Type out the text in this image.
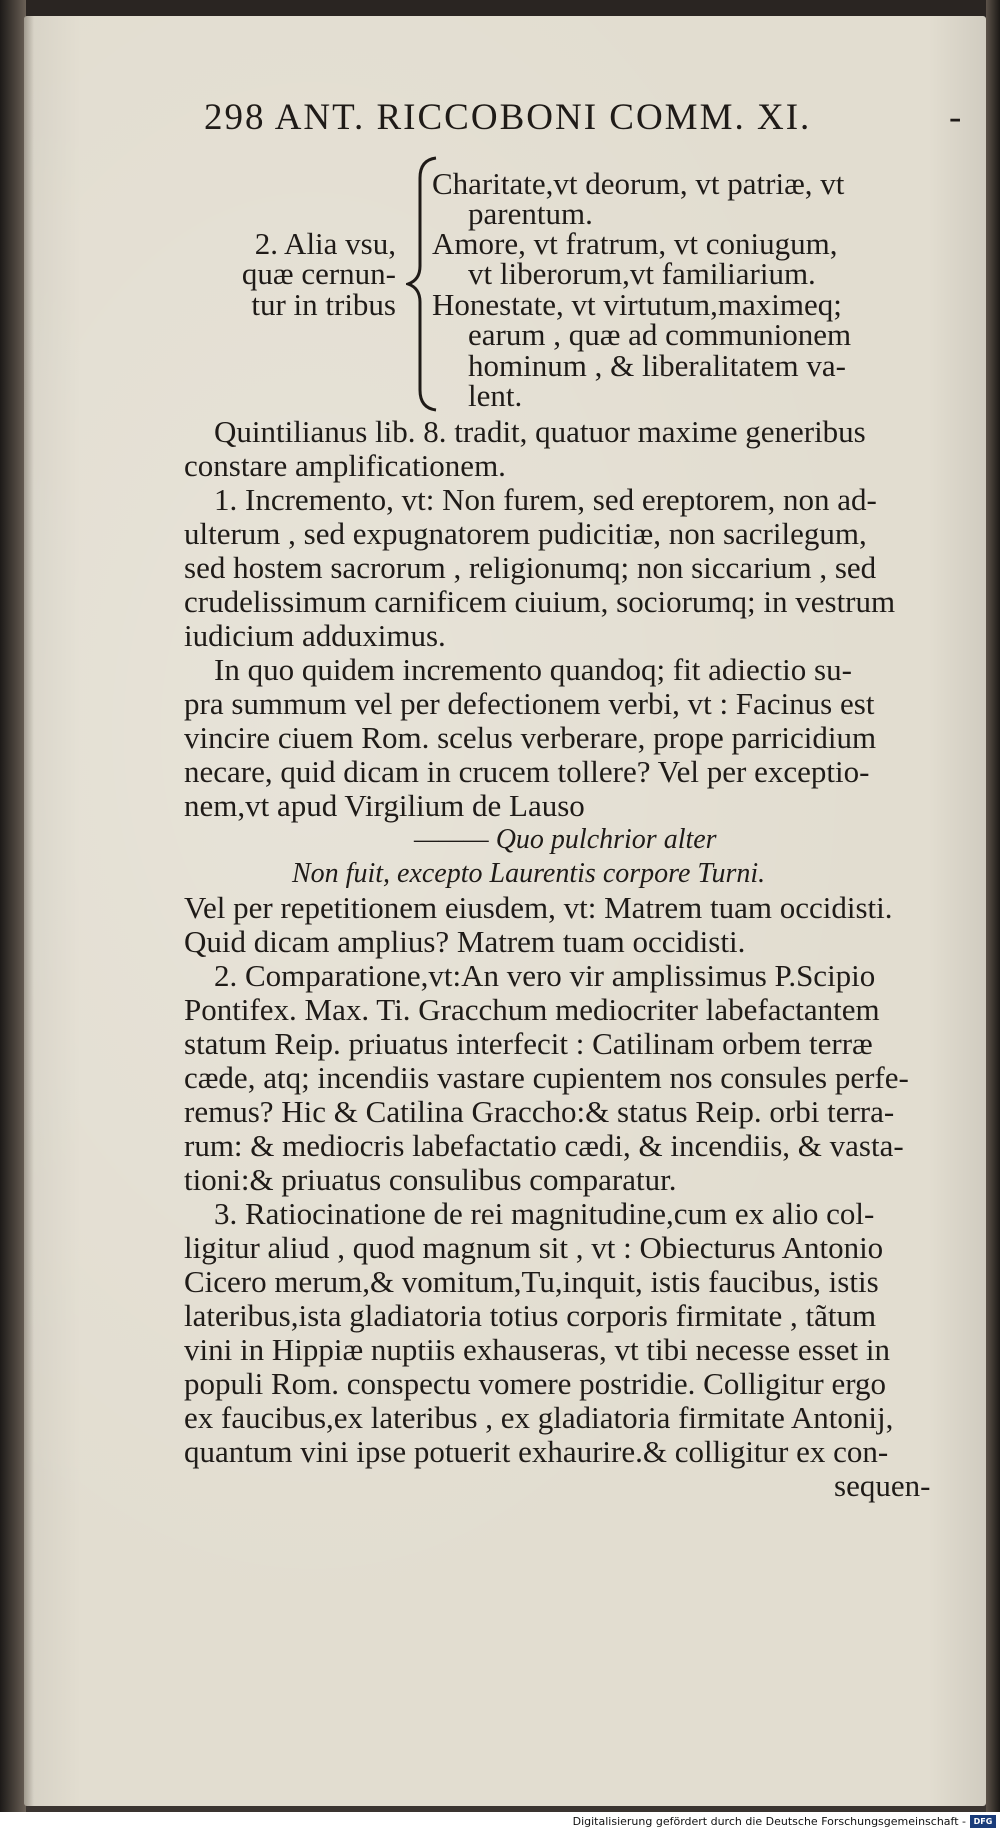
298 ANT. RICCOBONI COMM. XI.	-
2. Alia vsu,
quæ cernun-
tur in tribus
Charitate,vt deorum, vt patriæ, vt
parentum.
Amore, vt fratrum, vt coniugum,
vt liberorum,vt familiarium.
Honestate, vt virtutum,maximeq;
earum , quæ ad communionem
hominum , & liberalitatem va-
lent.
Quintilianus lib. 8. tradit, quatuor maxime generibus
constare amplificationem.
1. Incremento, vt: Non furem, sed ereptorem, non ad-
ulterum , sed expugnatorem pudicitiæ, non sacrilegum,
sed hostem sacrorum , religionumq; non siccarium , sed
crudelissimum carnificem ciuium, sociorumq; in vestrum
iudicium adduximus.
In quo quidem incremento quandoq; fit adiectio su-
pra summum vel per defectionem verbi, vt : Facinus est
vincire ciuem Rom. scelus verberare, prope parricidium
necare, quid dicam in crucem tollere? Vel per exceptio-
nem,vt apud Virgilium de Lauso
——— Quo pulchrior alter
Non fuit, excepto Laurentis corpore Turni.
Vel per repetitionem eiusdem, vt: Matrem tuam occidisti.
Quid dicam amplius? Matrem tuam occidisti.
2. Comparatione,vt:An vero vir amplissimus P.Scipio
Pontifex. Max. Ti. Gracchum mediocriter labefactantem
statum Reip. priuatus interfecit : Catilinam orbem terræ
cæde, atq; incendiis vastare cupientem nos consules perfe-
remus? Hic & Catilina Graccho:& status Reip. orbi terra-
rum: & mediocris labefactatio cædi, & incendiis, & vasta-
tioni:& priuatus consulibus comparatur.
3. Ratiocinatione de rei magnitudine,cum ex alio col-
ligitur aliud , quod magnum sit , vt : Obiecturus Antonio
Cicero merum,& vomitum,Tu,inquit, istis faucibus, istis
lateribus,ista gladiatoria totius corporis firmitate , tãtum
vini in Hippiæ nuptiis exhauseras, vt tibi necesse esset in
populi Rom. conspectu vomere postridie. Colligitur ergo
ex faucibus,ex lateribus , ex gladiatoria firmitate Antonij,
quantum vini ipse potuerit exhaurire.& colligitur ex con-
sequen-
Digitalisierung gefördert durch die Deutsche Forschungsgemeinschaft - DFG
